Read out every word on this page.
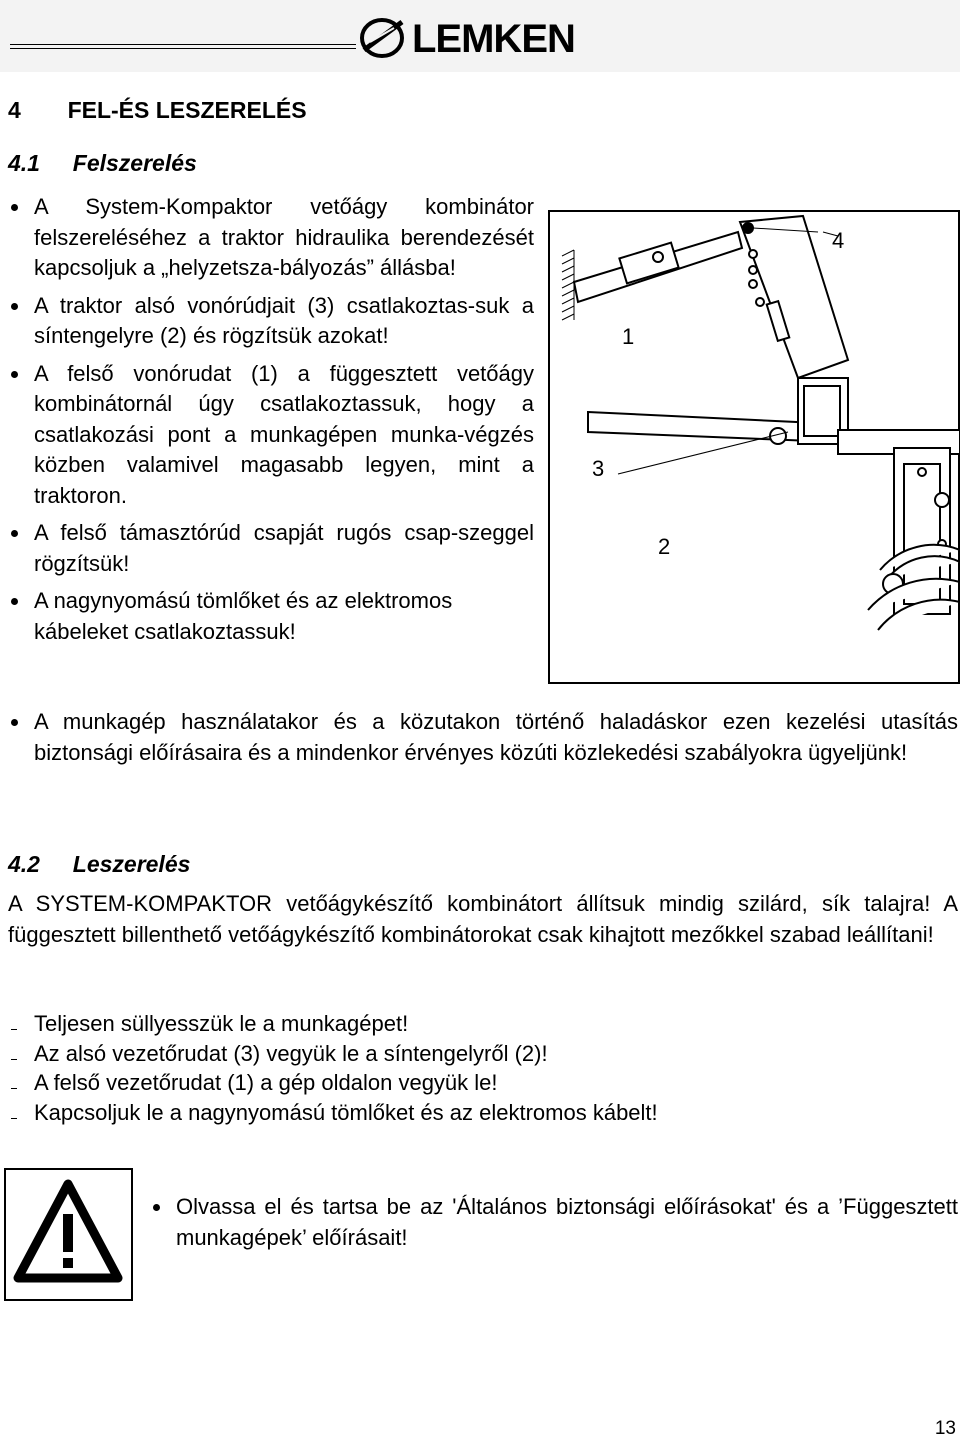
LEMKEN
4 FEL-ÉS LESZERELÉS
4.1 Felszerelés
A System-Kompaktor vetőágy kombinátor felszereléséhez a traktor hidraulika berendezését kapcsoljuk a „helyzetsza-bályozás” állásba!
A traktor alsó vonórúdjait (3) csatlakoztas-suk a síntengelyre (2) és rögzítsük azokat!
A felső vonórudat (1) a függesztett vetőágy kombinátornál úgy csatlakoztassuk, hogy a csatlakozási pont a munkagépen munka-végzés közben valamivel magasabb legyen, mint a traktoron.
A felső támasztórúd csapját rugós csap-szeggel rögzítsük!
A nagynyomású tömlőket és az elektromos kábeleket csatlakoztassuk!
4
1
3
2
A munkagép használatakor és a közutakon történő haladáskor ezen kezelési utasítás biztonsági előírásaira és a mindenkor érvényes közúti közlekedési szabályokra ügyeljünk!
4.2 Leszerelés
A SYSTEM-KOMPAKTOR vetőágykészítő kombinátort állítsuk mindig szilárd, sík talajra! A függesztett billenthető vetőágykészítő kombinátorokat csak kihajtott mezőkkel szabad leállítani!
Teljesen süllyesszük le a munkagépet!
Az alsó vezetőrudat (3) vegyük le a síntengelyről (2)!
A felső vezetőrudat (1) a gép oldalon vegyük le!
Kapcsoljuk le a nagynyomású tömlőket és az elektromos kábelt!
Olvassa el és tartsa be az 'Általános biztonsági előírásokat' és a ’Függesztett munkagépek’ előírásait!
13
